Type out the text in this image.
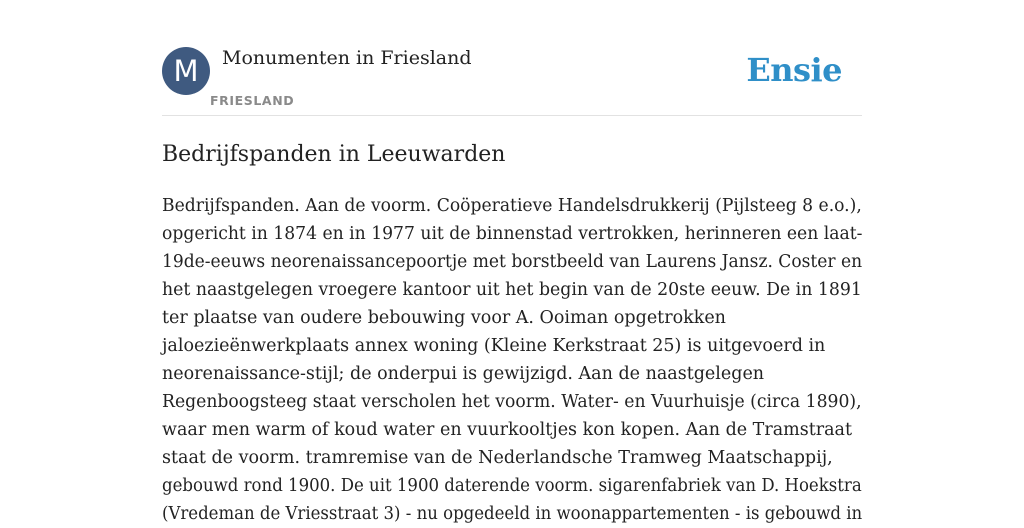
M	Monumenten in Friesland
FRIESLAND
Ensie
Bedrijfspanden in Leeuwarden
Bedrijfspanden. Aan de voorm. Coöperatieve Handelsdrukkerij (Pijlsteeg 8 e.o.),
opgericht in 1874 en in 1977 uit de binnenstad vertrokken, herinneren een laat-
19de-eeuws neorenaissancepoortje met borstbeeld van Laurens Jansz. Coster en
het naastgelegen vroegere kantoor uit het begin van de 20ste eeuw. De in 1891
ter plaatse van oudere bebouwing voor A. Ooiman opgetrokken
jaloezieënwerkplaats annex woning (Kleine Kerkstraat 25) is uitgevoerd in
neorenaissance-stijl; de onderpui is gewijzigd. Aan de naastgelegen
Regenboogsteeg staat verscholen het voorm. Water- en Vuurhuisje (circa 1890),
waar men warm of koud water en vuurkooltjes kon kopen. Aan de Tramstraat
staat de voorm. tramremise van de Nederlandsche Tramweg Maatschappij,
gebouwd rond 1900. De uit 1900 daterende voorm. sigarenfabriek van D. Hoekstra
(Vredeman de Vriesstraat 3) - nu opgedeeld in woonappartementen - is gebouwd in
